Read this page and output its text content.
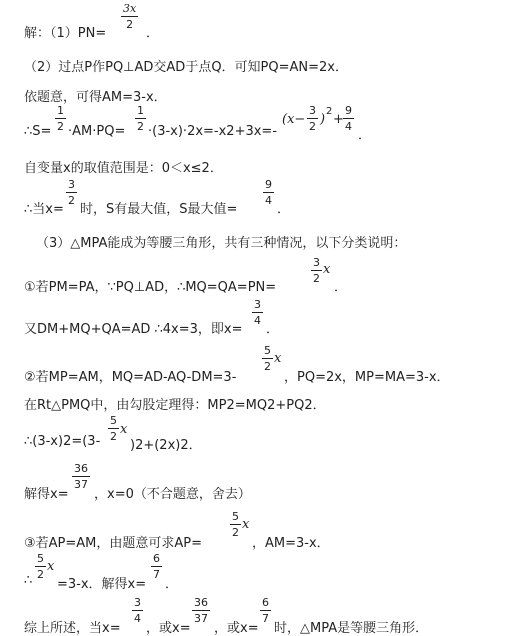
解：（1）PN=
3x
2
．
（2）过点P作PQ⊥AD交AD于点Q．可知PQ=AN=2x．
依题意，可得AM=3-x．
∴S=
1
2 ·AM·PQ=
1
2 ·(3-x)·2x=-x2+3x=-
(x−
3
2 )
2
+
9
4
．
自变量x的取值范围是：0＜x≤2．
∴当x=
3
2
时，S有最大值，S最大值=
9
4
．
（3）△MPA能成为等腰三角形，共有三种情况，以下分类说明：
①若PM=PA，∵PQ⊥AD，∴MQ=QA=PN=
3
2
x
．
又DM+MQ+QA=AD ∴4x=3，即x=
3
4
．
②若MP=AM，MQ=AD-AQ-DM=3-
5
2
x
，PQ=2x，MP=MA=3-x．
在Rt△PMQ中，由勾股定理得：MP2=MQ2+PQ2．
∴(3-x)2=(3-
5
2 x
)2+(2x)2．
解得x=
36
37
，x=0（不合题意，舍去）
③若AP=AM，由题意可求AP=
5
2
x
，AM=3-x．
∴
5
2
x
=3-x．解得x=
6
7
．
综上所述，当x=
3
4
，或x=
36
37
，或x=
6
7
时，△MPA是等腰三角形．
